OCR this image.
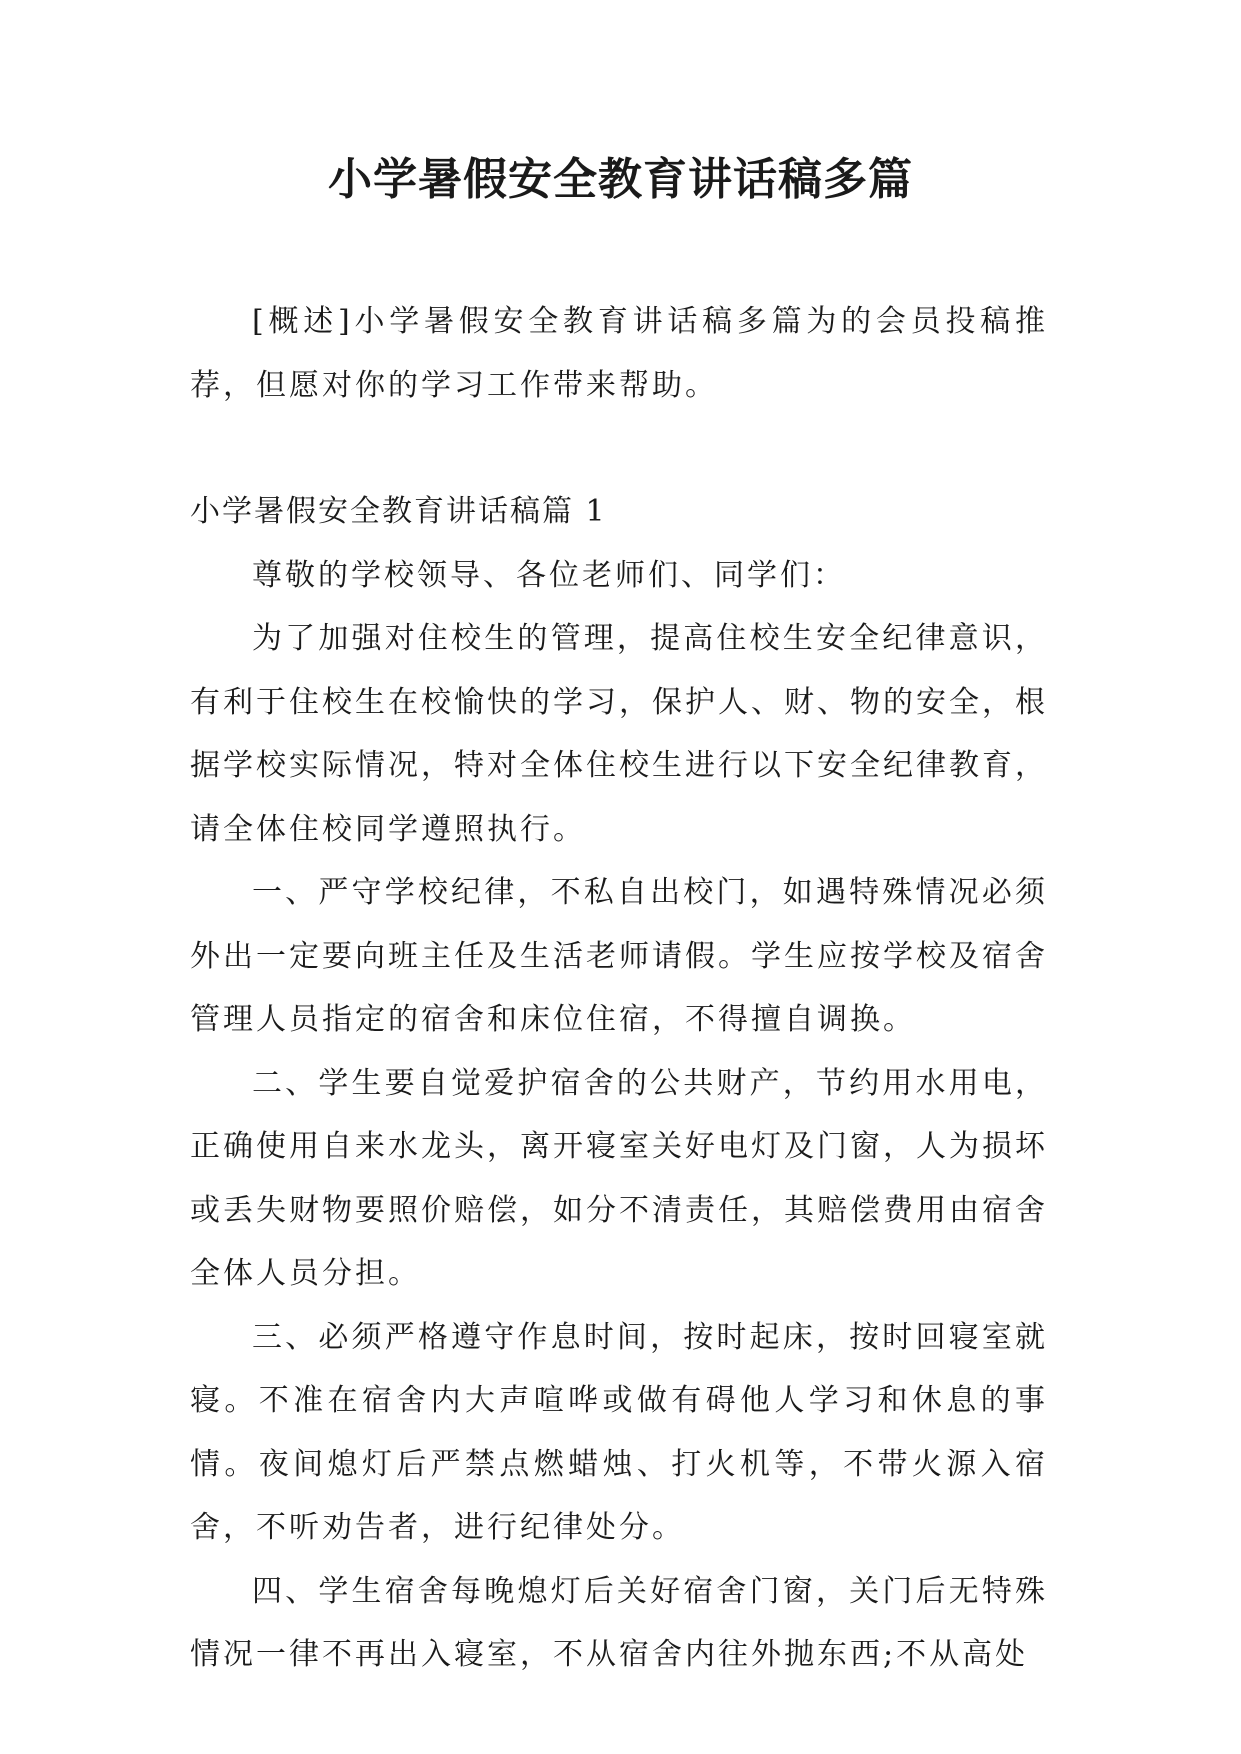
小学暑假安全教育讲话稿多篇

[概述]小学暑假安全教育讲话稿多篇为的会员投稿推荐，但愿对你的学习工作带来帮助。

小学暑假安全教育讲话稿篇 1

尊敬的学校领导、各位老师们、同学们：

为了加强对住校生的管理，提高住校生安全纪律意识，有利于住校生在校愉快的学习，保护人、财、物的安全，根据学校实际情况，特对全体住校生进行以下安全纪律教育，请全体住校同学遵照执行。

一、严守学校纪律，不私自出校门，如遇特殊情况必须外出一定要向班主任及生活老师请假。学生应按学校及宿舍管理人员指定的宿舍和床位住宿，不得擅自调换。

二、学生要自觉爱护宿舍的公共财产，节约用水用电，正确使用自来水龙头，离开寝室关好电灯及门窗，人为损坏或丢失财物要照价赔偿，如分不清责任，其赔偿费用由宿舍全体人员分担。

三、必须严格遵守作息时间，按时起床，按时回寝室就寝。不准在宿舍内大声喧哗或做有碍他人学习和休息的事情。夜间熄灯后严禁点燃蜡烛、打火机等，不带火源入宿舍，不听劝告者，进行纪律处分。

四、学生宿舍每晚熄灯后关好宿舍门窗，关门后无特殊情况一律不再出入寝室，不从宿舍内往外抛东西;不从高处
